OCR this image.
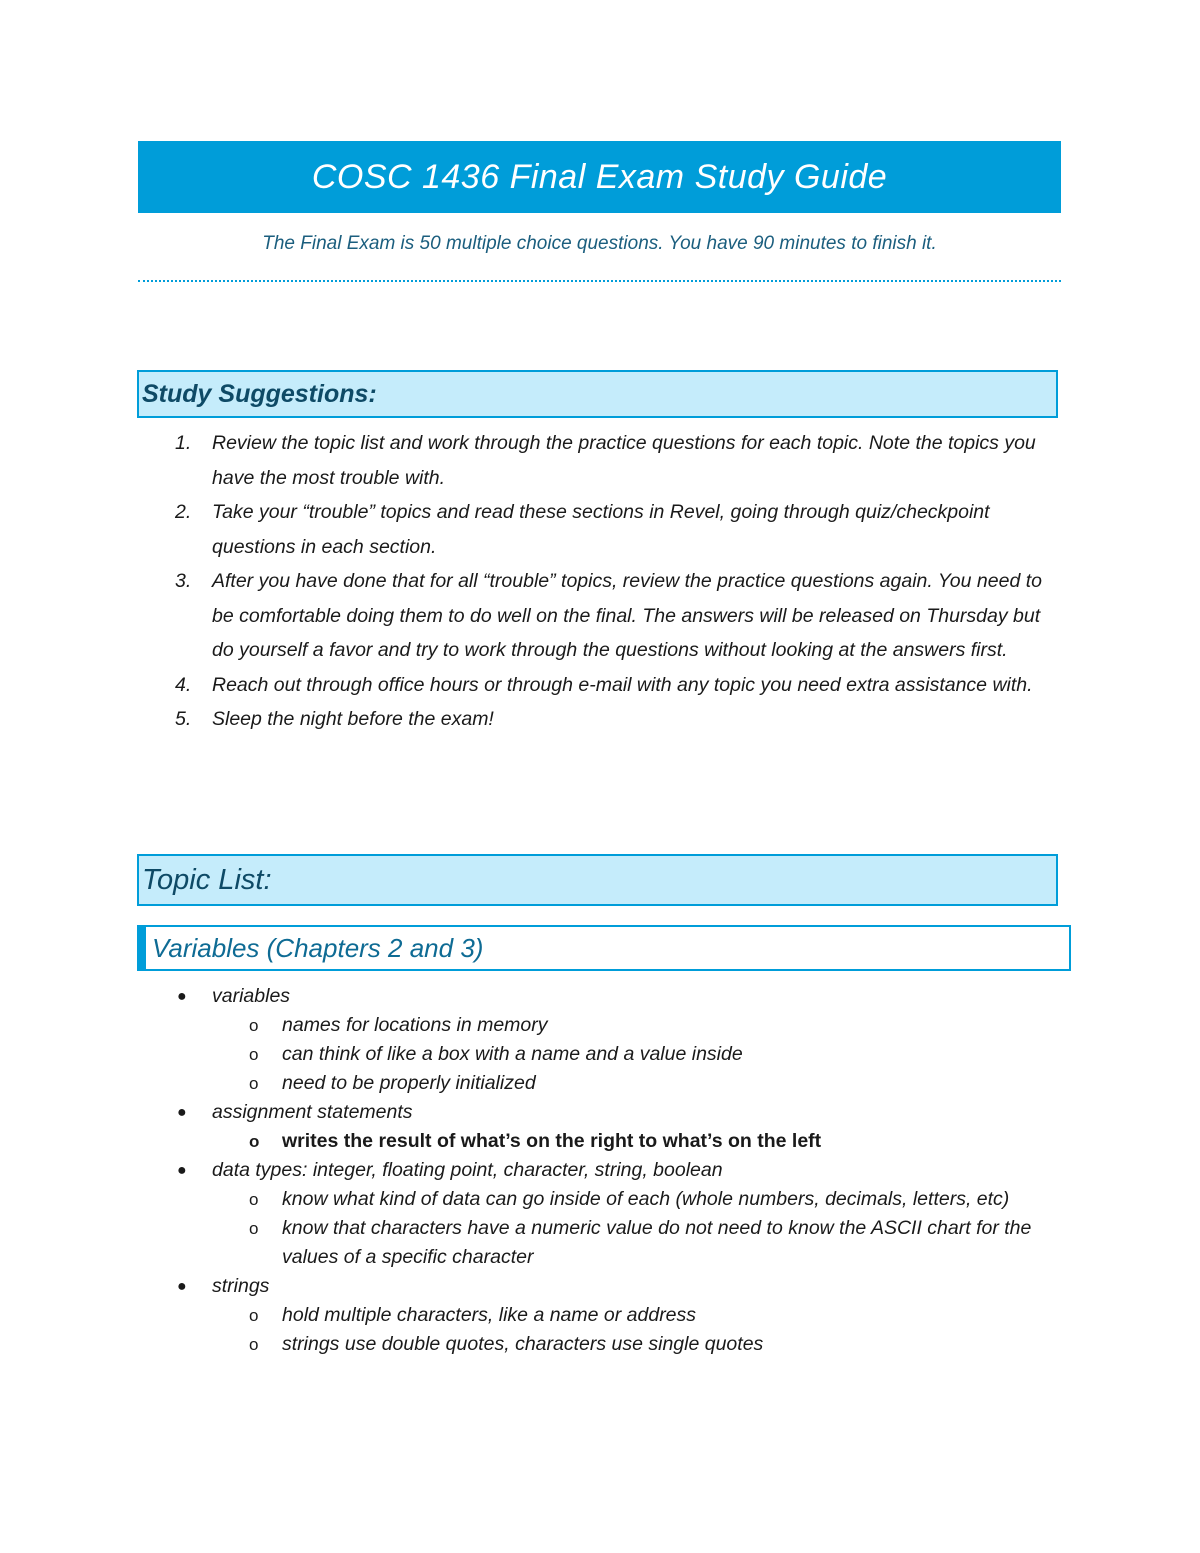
COSC 1436 Final Exam Study Guide
The Final Exam is 50 multiple choice questions. You have 90 minutes to finish it.
Study Suggestions:
1. Review the topic list and work through the practice questions for each topic. Note the topics you have the most trouble with.
2. Take your “trouble” topics and read these sections in Revel, going through quiz/checkpoint questions in each section.
3. After you have done that for all “trouble” topics, review the practice questions again. You need to be comfortable doing them to do well on the final. The answers will be released on Thursday but do yourself a favor and try to work through the questions without looking at the answers first.
4. Reach out through office hours or through e-mail with any topic you need extra assistance with.
5. Sleep the night before the exam!
Topic List:
Variables (Chapters 2 and 3)
● variables
o names for locations in memory
o can think of like a box with a name and a value inside
o need to be properly initialized
● assignment statements
o writes the result of what’s on the right to what’s on the left
● data types: integer, floating point, character, string, boolean
o know what kind of data can go inside of each (whole numbers, decimals, letters, etc)
o know that characters have a numeric value do not need to know the ASCII chart for the values of a specific character
● strings
o hold multiple characters, like a name or address
o strings use double quotes, characters use single quotes
